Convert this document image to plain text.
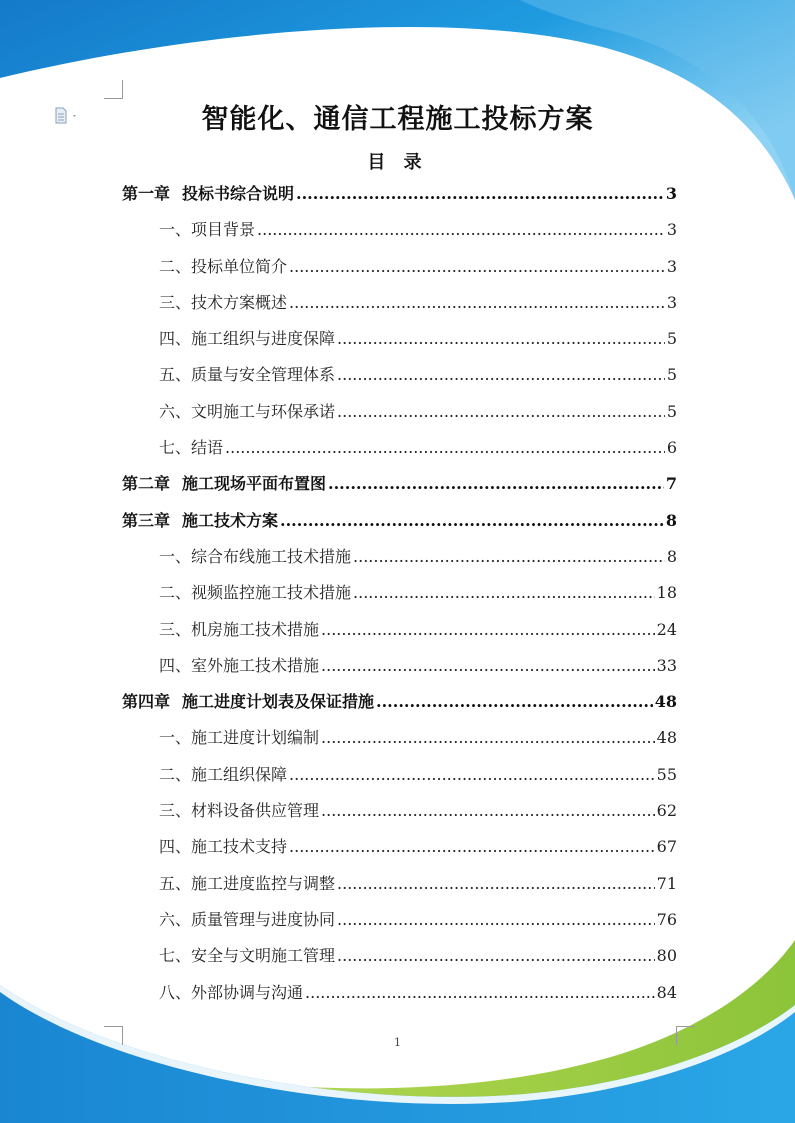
智能化、通信工程施工投标方案
目 录
第一章 投标书综合说明 .....	3
一、项目背景 .....	3
二、投标单位简介 .....	3
三、技术方案概述 .....	3
四、施工组织与进度保障 .....	5
五、质量与安全管理体系 .....	5
六、文明施工与环保承诺 .....	5
七、结语 .....	6
第二章 施工现场平面布置图 .....	7
第三章 施工技术方案 .....	8
一、综合布线施工技术措施 .....	8
二、视频监控施工技术措施 .....	18
三、机房施工技术措施 .....	24
四、室外施工技术措施 .....	33
第四章 施工进度计划表及保证措施 .....	48
一、施工进度计划编制 .....	48
二、施工组织保障 .....	55
三、材料设备供应管理 .....	62
四、施工技术支持 .....	67
五、施工进度监控与调整 .....	71
六、质量管理与进度协同 .....	76
七、安全与文明施工管理 .....	80
八、外部协调与沟通 .....	84
1
